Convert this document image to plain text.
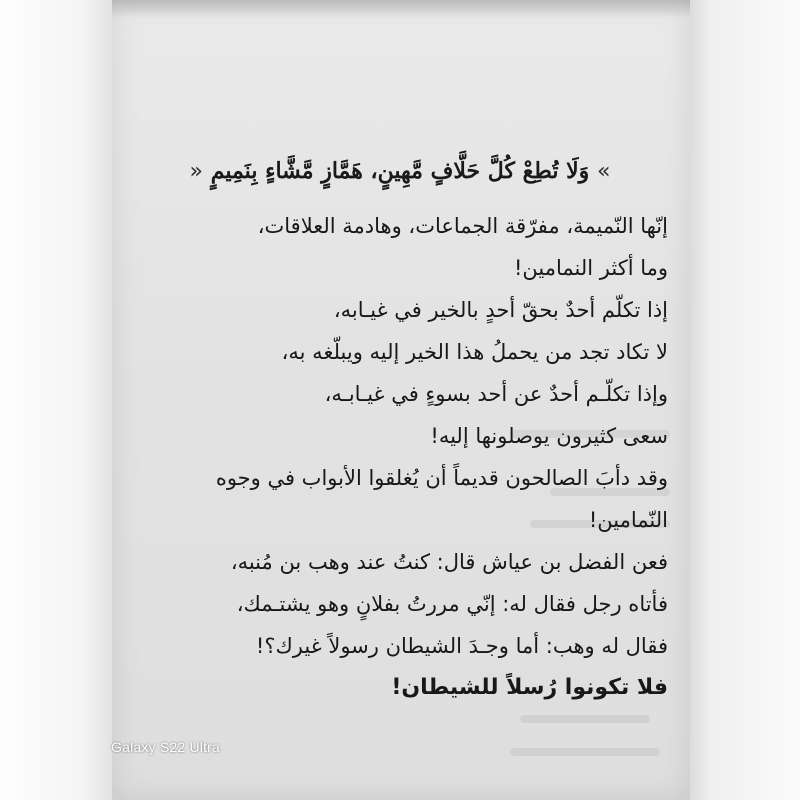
» وَلَا تُطِعْ كُلَّ حَلَّافٍ مَّهِينٍ، هَمَّازٍ مَّشَّاءٍ بِنَمِيمٍ «
إنّها النّميمة، مفرّقة الجماعات، وهادمة العلاقات،
وما أكثر النمامين!
إذا تكلّم أحدٌ بحقّ أحدٍ بالخير في غيـابه،
لا تكاد تجد من يحملُ هذا الخير إليه ويبلّغه به،
وإذا تكلّـم أحدٌ عن أحد بسوءٍ في غيـابـه،
سعى كثيرون يوصلونها إليه!
وقد دأبَ الصالحون قديماً أن يُغلقوا الأبواب في وجوه
النّمامين!
فعن الفضل بن عياش قال: كنتُ عند وهب بن مُنبه،
فأتاه رجل فقال له: إنّي مررتُ بفلانٍ وهو يشتـمك،
فقال له وهب: أما وجـدَ الشيطان رسولاً غيرك؟!
فلا تكونوا رُسلاً للشيطان!
Galaxy S22 Ultra
